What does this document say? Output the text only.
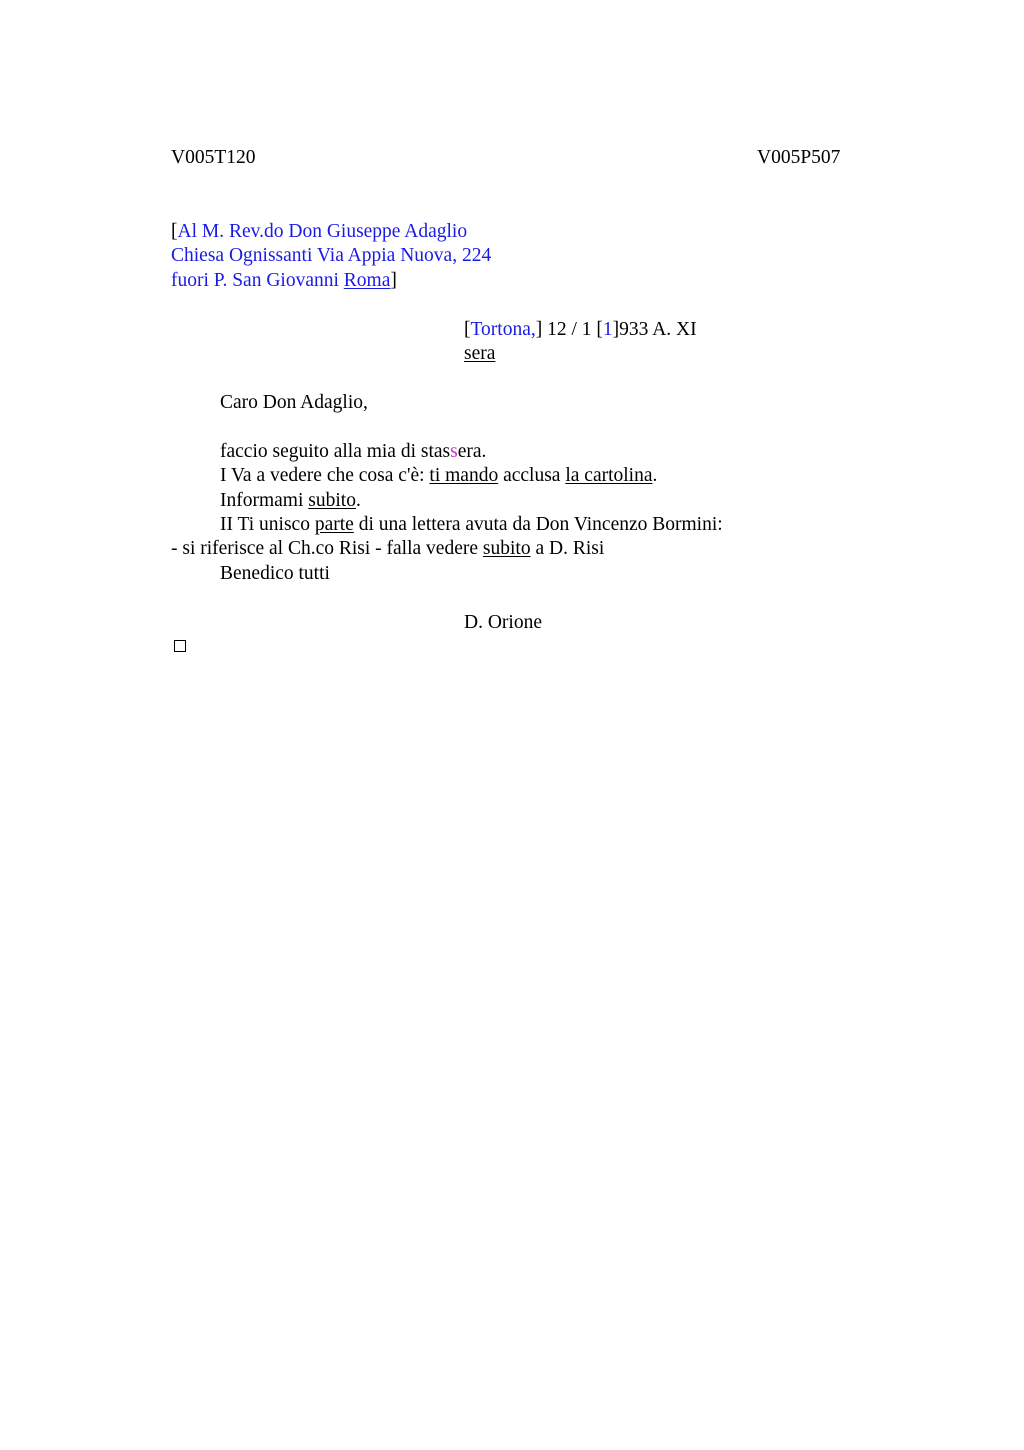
V005T120	V005P507
[Al M. Rev.do Don Giuseppe Adaglio
Chiesa Ognissanti Via Appia Nuova, 224
fuori P. San Giovanni Roma]
[Tortona,] 12 / 1 [1]933 A. XI
sera
Caro Don Adaglio,
faccio seguito alla mia di stassera.
I Va a vedere che cosa c'è: ti mando acclusa la cartolina.
Informami subito.
II Ti unisco parte di una lettera avuta da Don Vincenzo Bormini:
- si riferisce al Ch.co Risi - falla vedere subito a D. Risi
Benedico tutti
D. Orione
